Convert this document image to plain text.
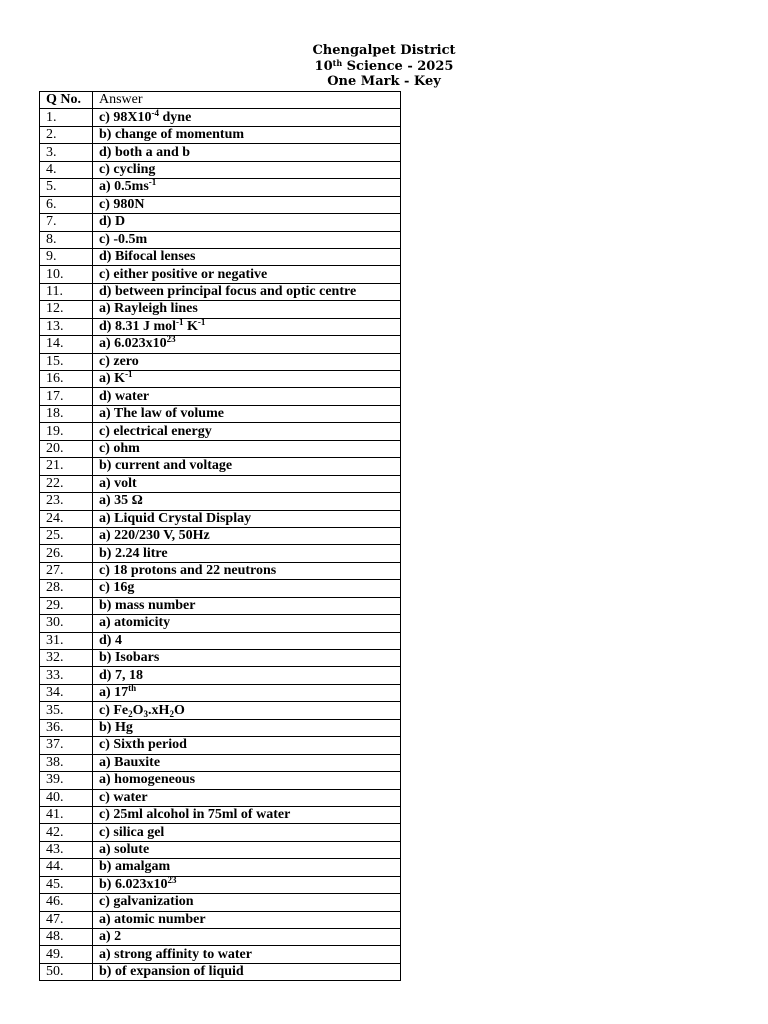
Chengalpet District
10th Science - 2025
One Mark - Key
Q No.	Answer
1.	c) $98X10^{-4}$ dyne
2.	b) change of momentum
3.	d) both a and b
4.	c) cycling
5.	a) $0.5ms^{-1}$
6.	c) 980N
7.	d) D
8.	c) -0.5m
9.	d) Bifocal lenses
10.	c) either positive or negative
11.	d) between principal focus and optic centre
12.	a) Rayleigh lines
13.	d) 8.31 J mol$^{-1}$ $K^{-1}$
14.	a) $6.023x10^{23}$
15.	c) zero
16.	a) $K^{-1}$
17.	d) water
18.	a) The law of volume
19.	c) electrical energy
20.	c) ohm
21.	b) current and voltage
22.	a) volt
23.	a) 35 Ω
24.	a) Liquid Crystal Display
25.	a) 220/230 V, 50Hz
26.	b) 2.24 litre
27.	c) 18 protons and 22 neutrons
28.	c) 16g
29.	b) mass number
30.	a) atomicity
31.	d) 4
32.	b) Isobars
33.	d) 7, 18
34.	a) 17th
35.	c) $Fe_2O_3.xH_2O$
36.	b) Hg
37.	c) Sixth period
38.	a) Bauxite
39.	a) homogeneous
40.	c) water
41.	c) 25ml alcohol in 75ml of water
42.	c) silica gel
43.	a) solute
44.	b) amalgam
45.	b) $6.023x10^{23}$
46.	c) galvanization
47.	a) atomic number
48.	a) 2
49.	a) strong affinity to water
50.	b) of expansion of liquid
